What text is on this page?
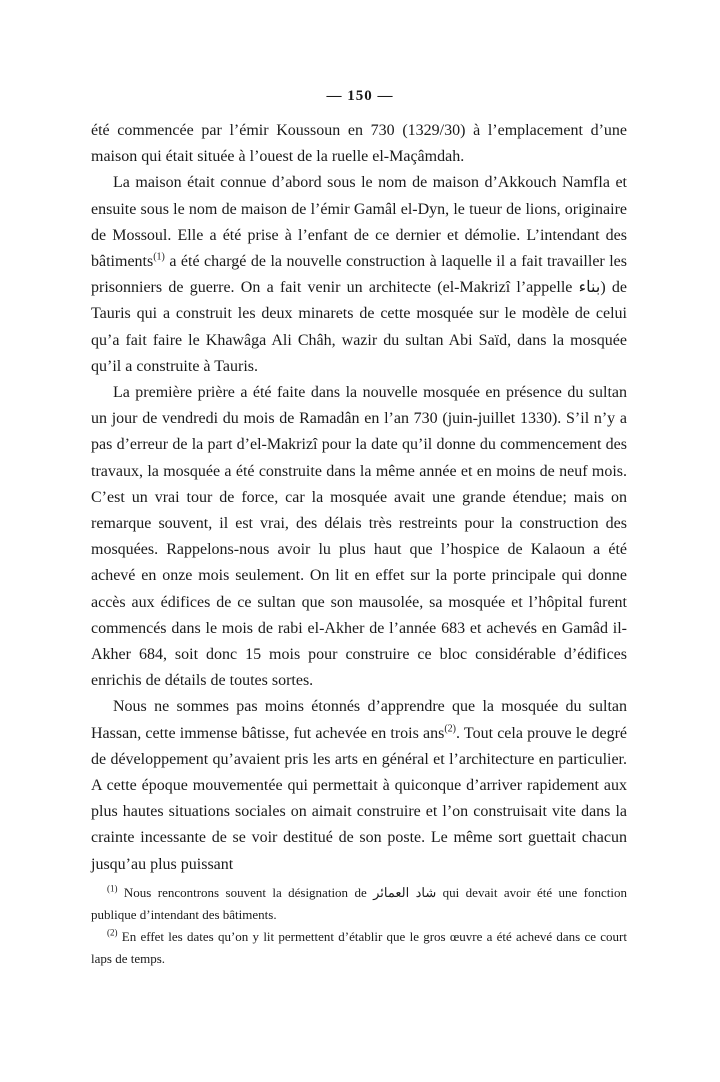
— 150 —

été commencée par l’émir Koussoun en 730 (1329/30) à l’emplacement d’une maison qui était située à l’ouest de la ruelle el-Maçâmdah.

La maison était connue d’abord sous le nom de maison d’Akkouch Namfla et ensuite sous le nom de maison de l’émir Gamâl el-Dyn, le tueur de lions, originaire de Mossoul. Elle a été prise à l’enfant de ce dernier et démolie. L’intendant des bâtiments$^{(1)}$ a été chargé de la nouvelle construction à laquelle il a fait travailler les prisonniers de guerre. On a fait venir un architecte (el-Makrizî l’appelle بناء) de Tauris qui a construit les deux minarets de cette mosquée sur le modèle de celui qu’a fait faire le Khawâga Ali Châh, wazir du sultan Abi Saïd, dans la mosquée qu’il a construite à Tauris.

La première prière a été faite dans la nouvelle mosquée en présence du sultan un jour de vendredi du mois de Ramadân en l’an 730 (juin-juillet 1330). S’il n’y a pas d’erreur de la part d’el-Makrizî pour la date qu’il donne du commencement des travaux, la mosquée a été construite dans la même année et en moins de neuf mois. C’est un vrai tour de force, car la mosquée avait une grande étendue; mais on remarque souvent, il est vrai, des délais très restreints pour la construction des mosquées. Rappelons-nous avoir lu plus haut que l’hospice de Kalaoun a été achevé en onze mois seulement. On lit en effet sur la porte principale qui donne accès aux édifices de ce sultan que son mausolée, sa mosquée et l’hôpital furent commencés dans le mois de rabi el-Akher de l’année 683 et achevés en Gamâd il-Akher 684, soit donc 15 mois pour construire ce bloc considérable d’édifices enrichis de détails de toutes sortes.

Nous ne sommes pas moins étonnés d’apprendre que la mosquée du sultan Hassan, cette immense bâtisse, fut achevée en trois ans$^{(2)}$. Tout cela prouve le degré de développement qu’avaient pris les arts en général et l’architecture en particulier. A cette époque mouvementée qui permettait à quiconque d’arriver rapidement aux plus hautes situations sociales on aimait construire et l’on construisait vite dans la crainte incessante de se voir destitué de son poste. Le même sort guettait chacun jusqu’au plus puissant

$^{(1)}$ Nous rencontrons souvent la désignation de شاد العمائر qui devait avoir été une fonction publique d’intendant des bâtiments.

$^{(2)}$ En effet les dates qu’on y lit permettent d’établir que le gros œuvre a été achevé dans ce court laps de temps.
